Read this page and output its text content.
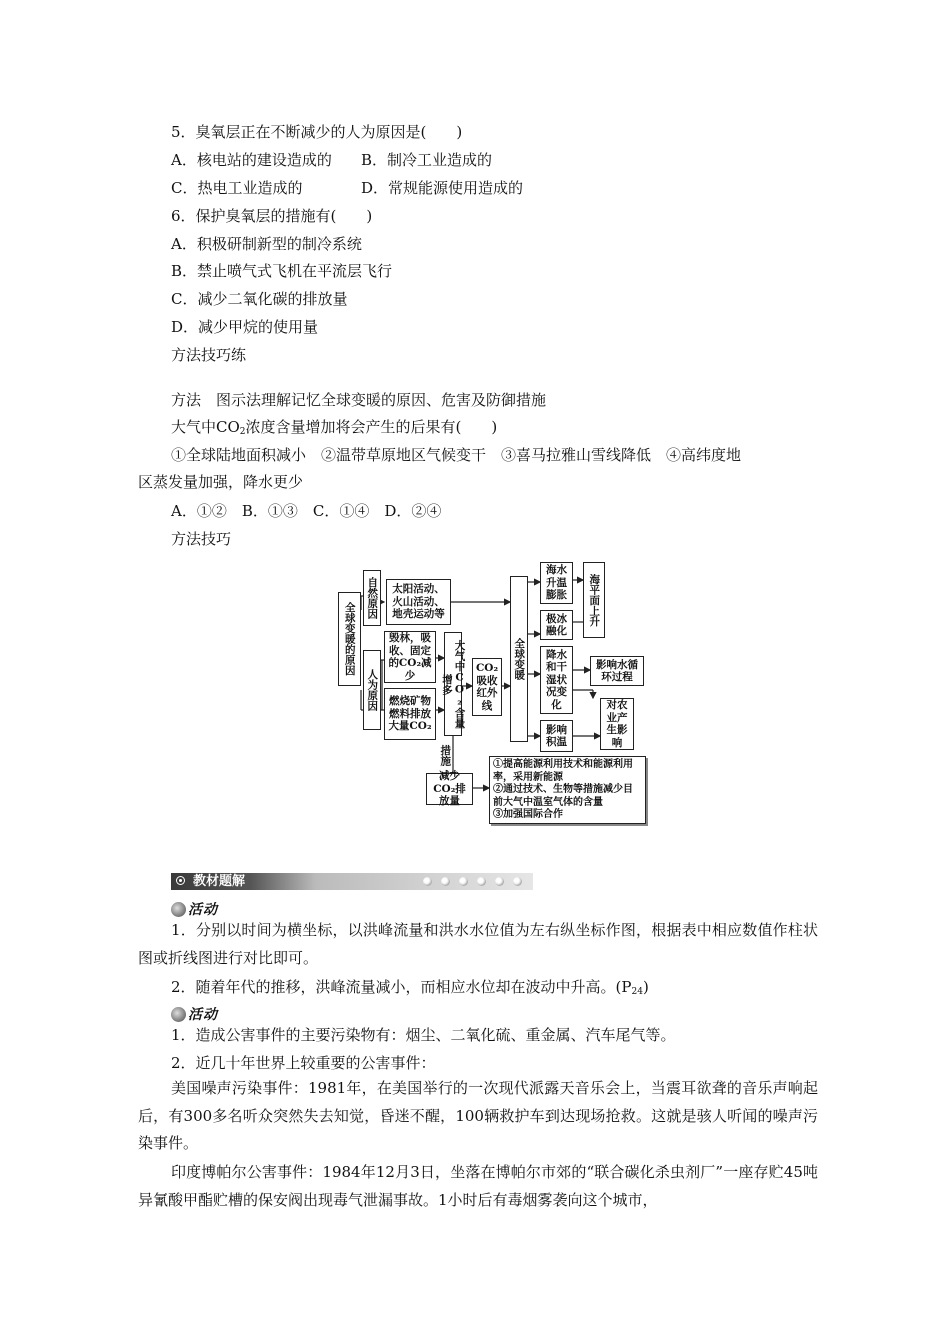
5．臭氧层正在不断减少的人为原因是(　　)
A．核电站的建设造成的 B．制冷工业造成的
C．热电工业造成的	D．常规能源使用造成的
6．保护臭氧层的措施有(　　)
A．积极研制新型的制冷系统
B．禁止喷气式飞机在平流层飞行
C．减少二氧化碳的排放量
D．减少甲烷的使用量
方法技巧练
方法　图示法理解记忆全球变暖的原因、危害及防御措施
大气中$CO_2$浓度含量增加将会产生的后果有(　　)
①全球陆地面积减小　②温带草原地区气候变干　③喜马拉雅山雪线降低　④高纬度地
区蒸发量加强，降水更少
A．①②　B．①③　C．①④　D．②④
方法技巧
全球变暖的原因
自然原因	太阳活动、火山活动、地壳运动等
人为原因
毁林，吸收、固定的CO₂减少
燃烧矿物燃料排放大量CO₂	大气中CO₂含量增多
CO₂吸收红外线
全球变暖
海水升温膨胀	海平面上升
极冰融化
降水和干湿状况变化
影响水循环过程
影响积温
对农业产生影响
措施
减少CO₂排放量
①提高能源利用技术和能源利用率，采用新能源
②通过技术、生物等措施减少目前大气中温室气体的含量
③加强国际合作
教材题解
活动
1．分别以时间为横坐标，以洪峰流量和洪水水位值为左右纵坐标作图，根据表中相应数值作柱状图或折线图进行对比即可。
2．随着年代的推移，洪峰流量减小，而相应水位却在波动中升高。$(P_{24})$
活动
1．造成公害事件的主要污染物有：烟尘、二氧化硫、重金属、汽车尾气等。
2．近几十年世界上较重要的公害事件：
美国噪声污染事件：1981年，在美国举行的一次现代派露天音乐会上，当震耳欲聋的音乐声响起后，有300多名听众突然失去知觉，昏迷不醒，100辆救护车到达现场抢救。这就是骇人听闻的噪声污染事件。
印度博帕尔公害事件：1984年12月3日，坐落在博帕尔市郊的“联合碳化杀虫剂厂”一座存贮45吨异氰酸甲酯贮槽的保安阀出现毒气泄漏事故。1小时后有毒烟雾袭向这个城市，
